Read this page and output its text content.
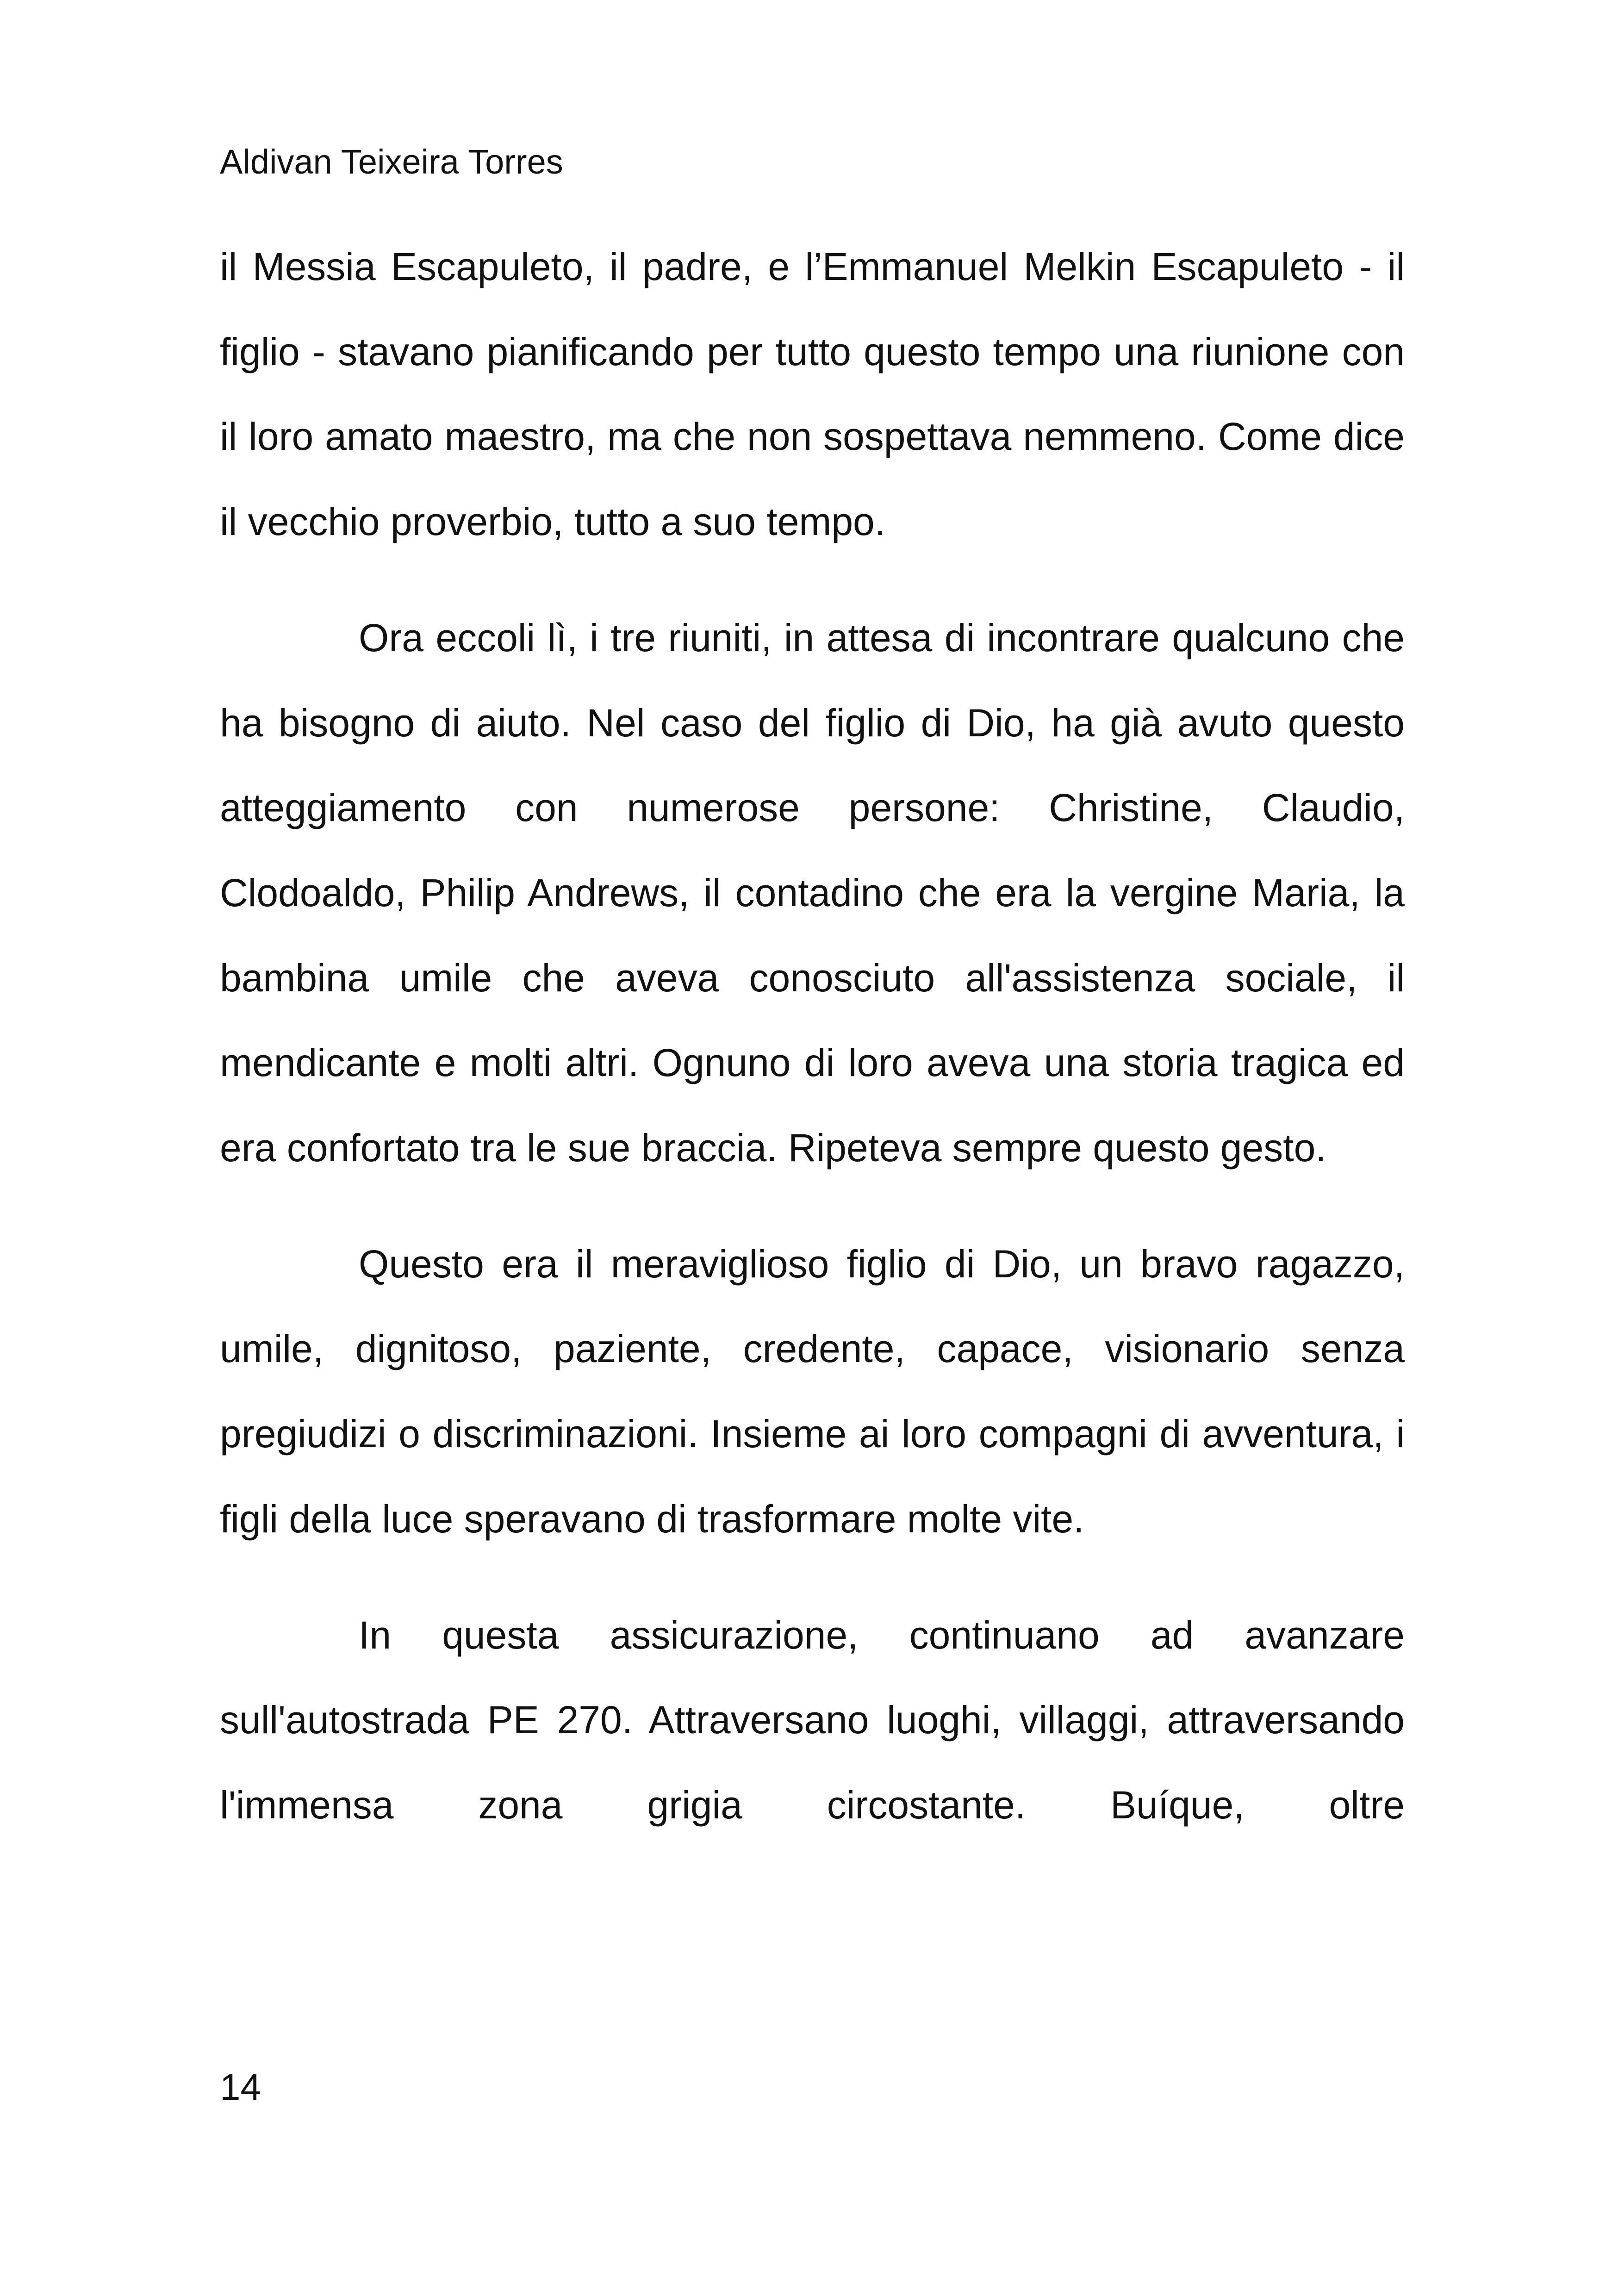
Aldivan Teixeira Torres

il Messia Escapuleto, il padre, e l’Emmanuel Melkin Escapuleto - il figlio - stavano pianificando per tutto questo tempo una riunione con il loro amato maestro, ma che non sospettava nemmeno. Come dice il vecchio proverbio, tutto a suo tempo.

Ora eccoli lì, i tre riuniti, in attesa di incontrare qualcuno che ha bisogno di aiuto. Nel caso del figlio di Dio, ha già avuto questo atteggiamento con numerose persone: Christine, Claudio, Clodoaldo, Philip Andrews, il contadino che era la vergine Maria, la bambina umile che aveva conosciuto all'assistenza sociale, il mendicante e molti altri. Ognuno di loro aveva una storia tragica ed era confortato tra le sue braccia. Ripeteva sempre questo gesto.

Questo era il meraviglioso figlio di Dio, un bravo ragazzo, umile, dignitoso, paziente, credente, capace, visionario senza pregiudizi o discriminazioni. Insieme ai loro compagni di avventura, i figli della luce speravano di trasformare molte vite.

In questa assicurazione, continuano ad avanzare sull'autostrada PE 270. Attraversano luoghi, villaggi, attraversando l'immensa zona grigia circostante. Buíque, oltre

14
